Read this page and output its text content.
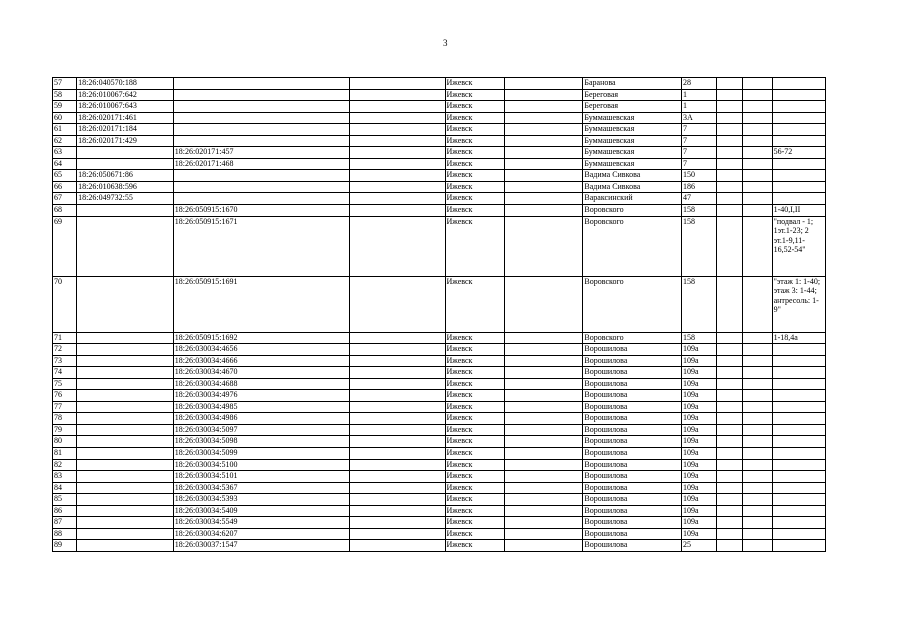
3
57	18:26:040570:188			Ижевск		Баранова	28			
58	18:26:010067:642			Ижевск		Береговая	1			
59	18:26:010067:643			Ижевск		Береговая	1			
60	18:26:020171:461			Ижевск		Буммашевская	3А			
61	18:26:020171:184			Ижевск		Буммашевская	7			
62	18:26:020171:429			Ижевск		Буммашевская	7			
63		18:26:020171:457		Ижевск		Буммашевская	7			56-72
64		18:26:020171:468		Ижевск		Буммашевская	7			
65	18:26:050671:86			Ижевск		Вадима Сивкова	150			
66	18:26:010638:596			Ижевск		Вадима Сивкова	186			
67	18:26:049732:55			Ижевск		Вараксинский	47			
68		18:26:050915:1670		Ижевск		Воровского	158			1-40,I,II
69		18:26:050915:1671		Ижевск		Воровского	158			"подвал - 1; 1эт.1-23; 2 эт.1-9,11-16,52-54"
70		18:26:050915:1691		Ижевск		Воровского	158			"этаж 1: 1-40; этаж 3: 1-44; антресоль: 1-9"
71		18:26:050915:1692		Ижевск		Воровского	158			1-18,4а
72		18:26:030034:4656		Ижевск		Ворошилова	109а			
73		18:26:030034:4666		Ижевск		Ворошилова	109а			
74		18:26:030034:4670		Ижевск		Ворошилова	109а			
75		18:26:030034:4688		Ижевск		Ворошилова	109а			
76		18:26:030034:4976		Ижевск		Ворошилова	109а			
77		18:26:030034:4985		Ижевск		Ворошилова	109а			
78		18:26:030034:4986		Ижевск		Ворошилова	109а			
79		18:26:030034:5097		Ижевск		Ворошилова	109а			
80		18:26:030034:5098		Ижевск		Ворошилова	109а			
81		18:26:030034:5099		Ижевск		Ворошилова	109а			
82		18:26:030034:5100		Ижевск		Ворошилова	109а			
83		18:26:030034:5101		Ижевск		Ворошилова	109а			
84		18:26:030034:5367		Ижевск		Ворошилова	109а			
85		18:26:030034:5393		Ижевск		Ворошилова	109а			
86		18:26:030034:5409		Ижевск		Ворошилова	109а			
87		18:26:030034:5549		Ижевск		Ворошилова	109а			
88		18:26:030034:6207		Ижевск		Ворошилова	109а			
89		18:26:030037:1547		Ижевск		Ворошилова	25			
